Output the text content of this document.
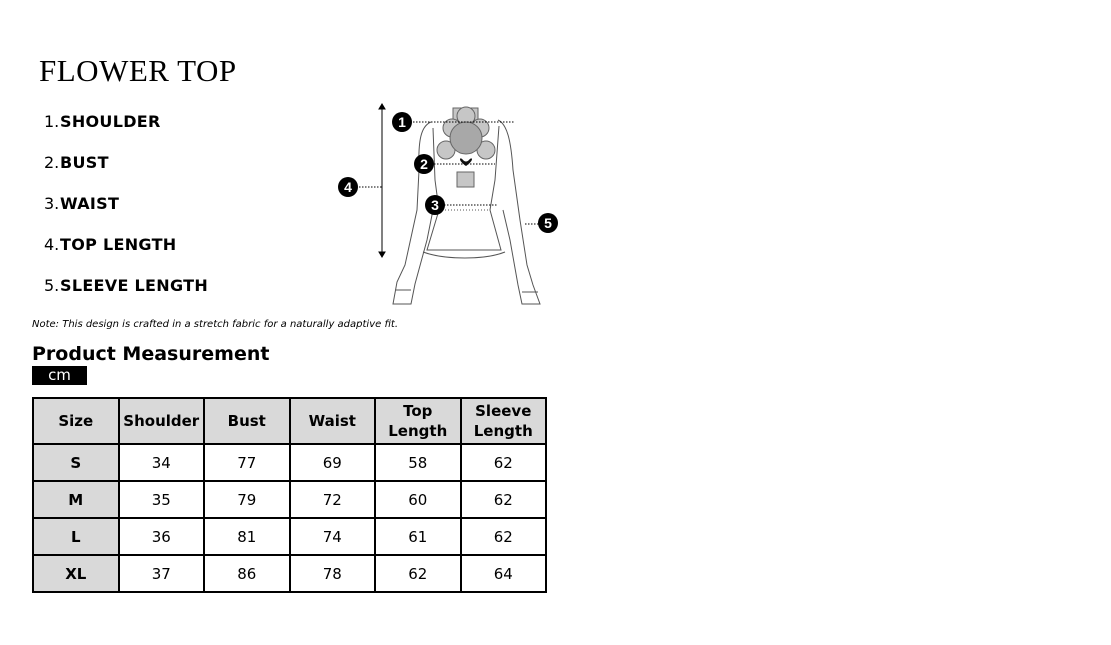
FLOWER TOP
1.SHOULDER
2.BUST
3.WAIST
4.TOP LENGTH
5.SLEEVE LENGTH
1
2
3
4
5

Note: This design is crafted in a stretch fabric for a naturally adaptive fit.

Product Measurement
cm
Size	Shoulder	Bust	Waist	Top Length	Sleeve Length
S	34	77	69	58	62
M	35	79	72	60	62
L	36	81	74	61	62
XL	37	86	78	62	64
